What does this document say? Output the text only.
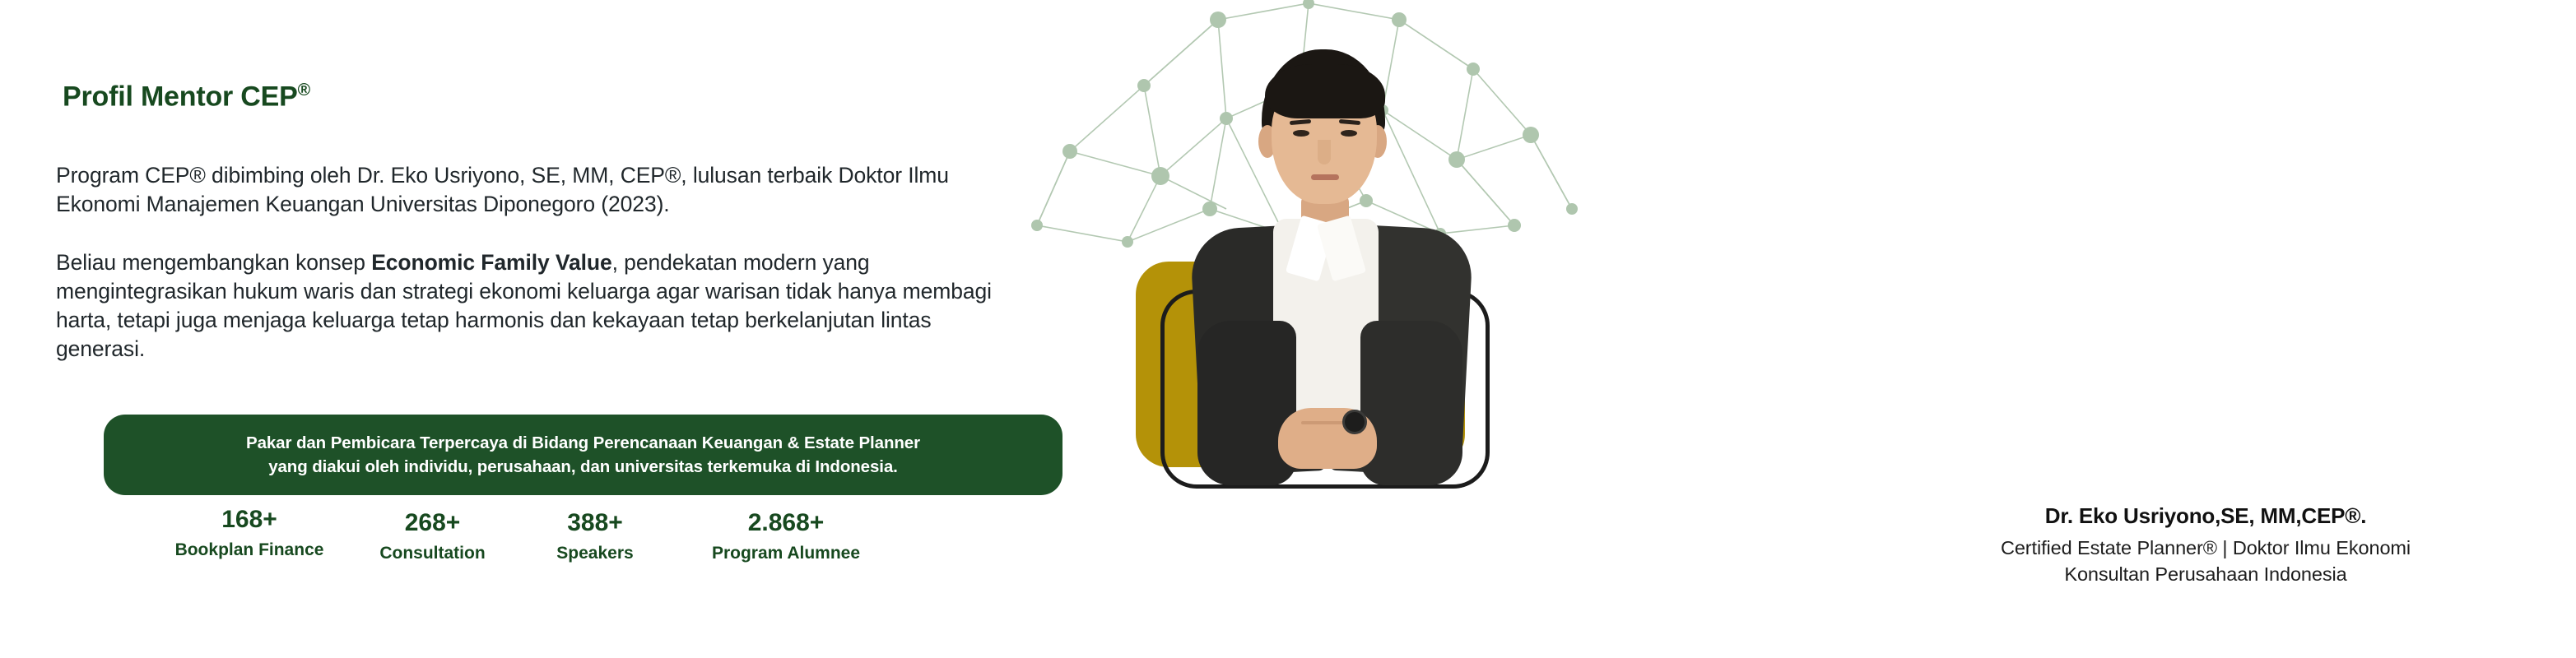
Profil Mentor CEP®
Program CEP® dibimbing oleh Dr. Eko Usriyono, SE, MM, CEP®, lulusan terbaik Doktor Ilmu Ekonomi Manajemen Keuangan Universitas Diponegoro (2023).
Beliau mengembangkan konsep Economic Family Value, pendekatan modern yang mengintegrasikan hukum waris dan strategi ekonomi keluarga agar warisan tidak hanya membagi harta, tetapi juga menjaga keluarga tetap harmonis dan kekayaan tetap berkelanjutan lintas generasi.
Pakar dan Pembicara Terpercaya di Bidang Perencanaan Keuangan & Estate Planner
yang diakui oleh individu, perusahaan, dan universitas terkemuka di Indonesia.
168+
Bookplan Finance
268+
Consultation
388+
Speakers
2.868+
Program Alumnee
Dr. Eko Usriyono,SE, MM,CEP®.
Certified Estate Planner® | Doktor Ilmu Ekonomi
Konsultan Perusahaan Indonesia
